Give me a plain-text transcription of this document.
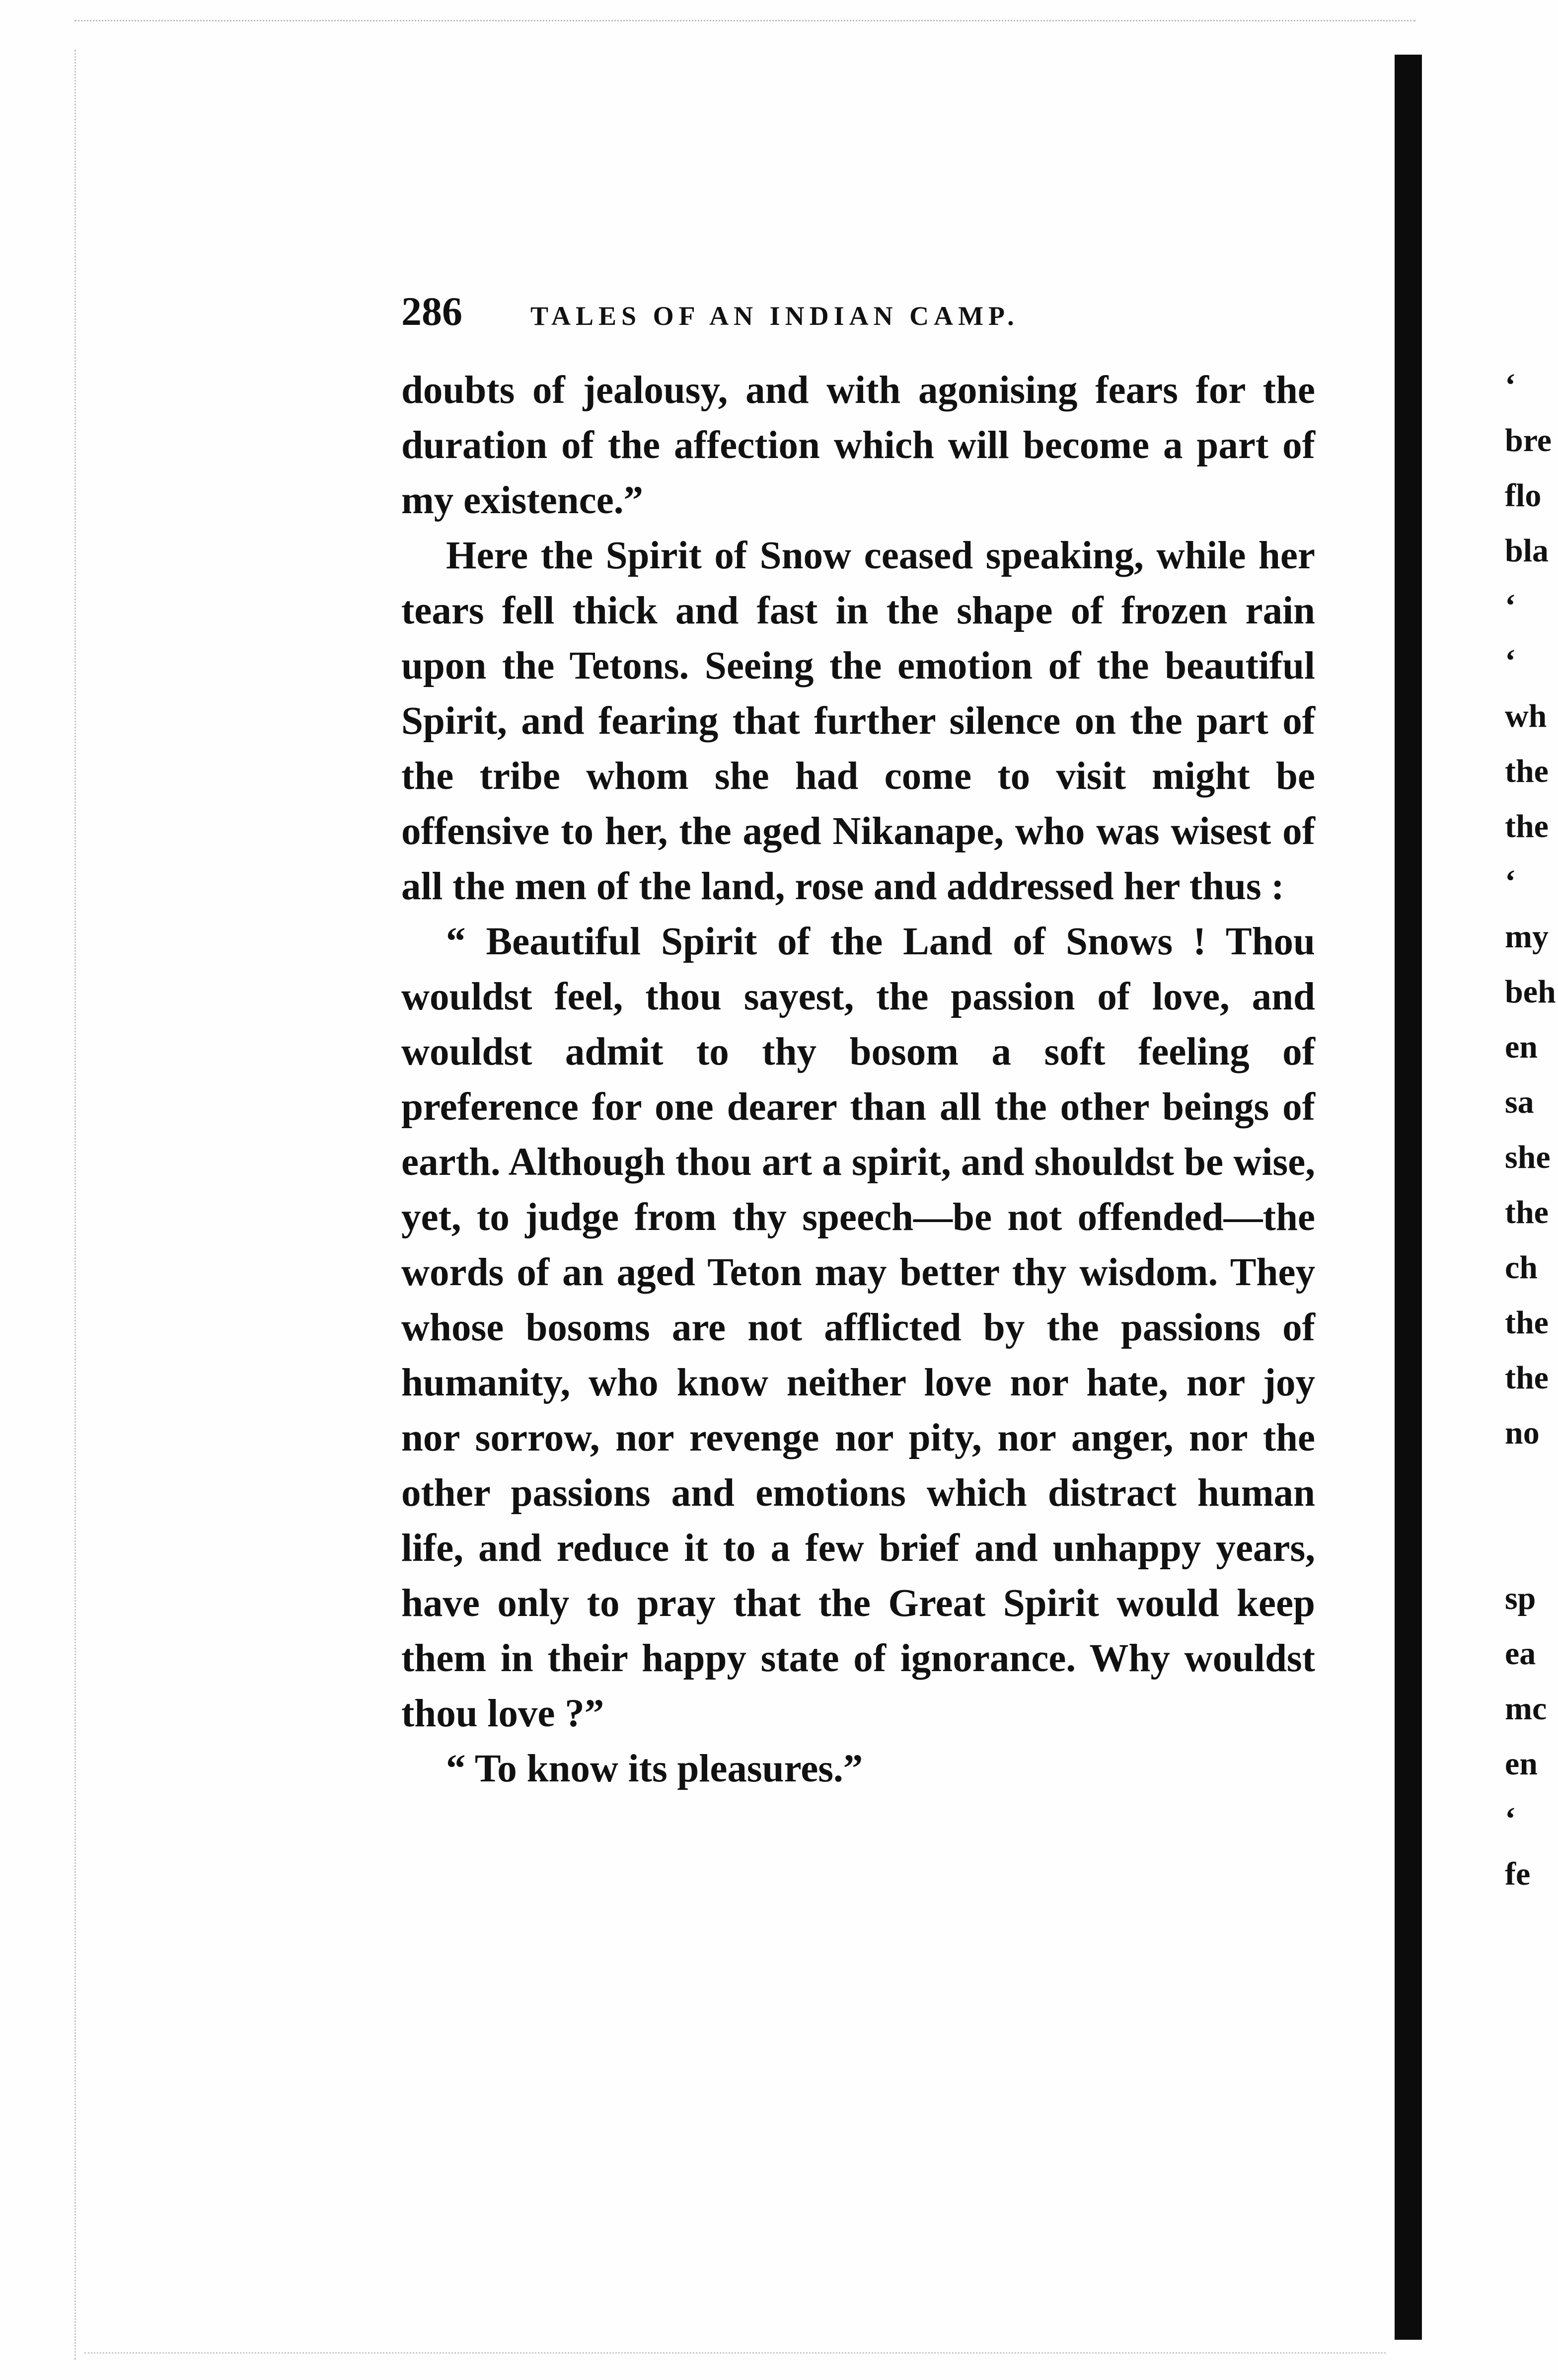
286	TALES OF AN INDIAN CAMP.

doubts of jealousy, and with agonising fears for the duration of the affection which will become a part of my existence.”

Here the Spirit of Snow ceased speaking, while her tears fell thick and fast in the shape of frozen rain upon the Tetons. Seeing the emotion of the beautiful Spirit, and fearing that further silence on the part of the tribe whom she had come to visit might be offensive to her, the aged Nikanape, who was wisest of all the men of the land, rose and addressed her thus :

“ Beautiful Spirit of the Land of Snows ! Thou wouldst feel, thou sayest, the passion of love, and wouldst admit to thy bosom a soft feeling of preference for one dearer than all the other beings of earth. Although thou art a spirit, and shouldst be wise, yet, to judge from thy speech—be not offended—the words of an aged Teton may better thy wisdom. They whose bosoms are not afflicted by the passions of humanity, who know neither love nor hate, nor joy nor sorrow, nor revenge nor pity, nor anger, nor the other passions and emotions which distract human life, and reduce it to a few brief and unhappy years, have only to pray that the Great Spirit would keep them in their happy state of ignorance. Why wouldst thou love ?”

“ To know its pleasures.”

‘
bre
flo
bla
‘
‘
wh
the
the
‘
my
beh
en
sa
she
the
ch
the
the
no
sp
ea
mc
en
‘
fe
